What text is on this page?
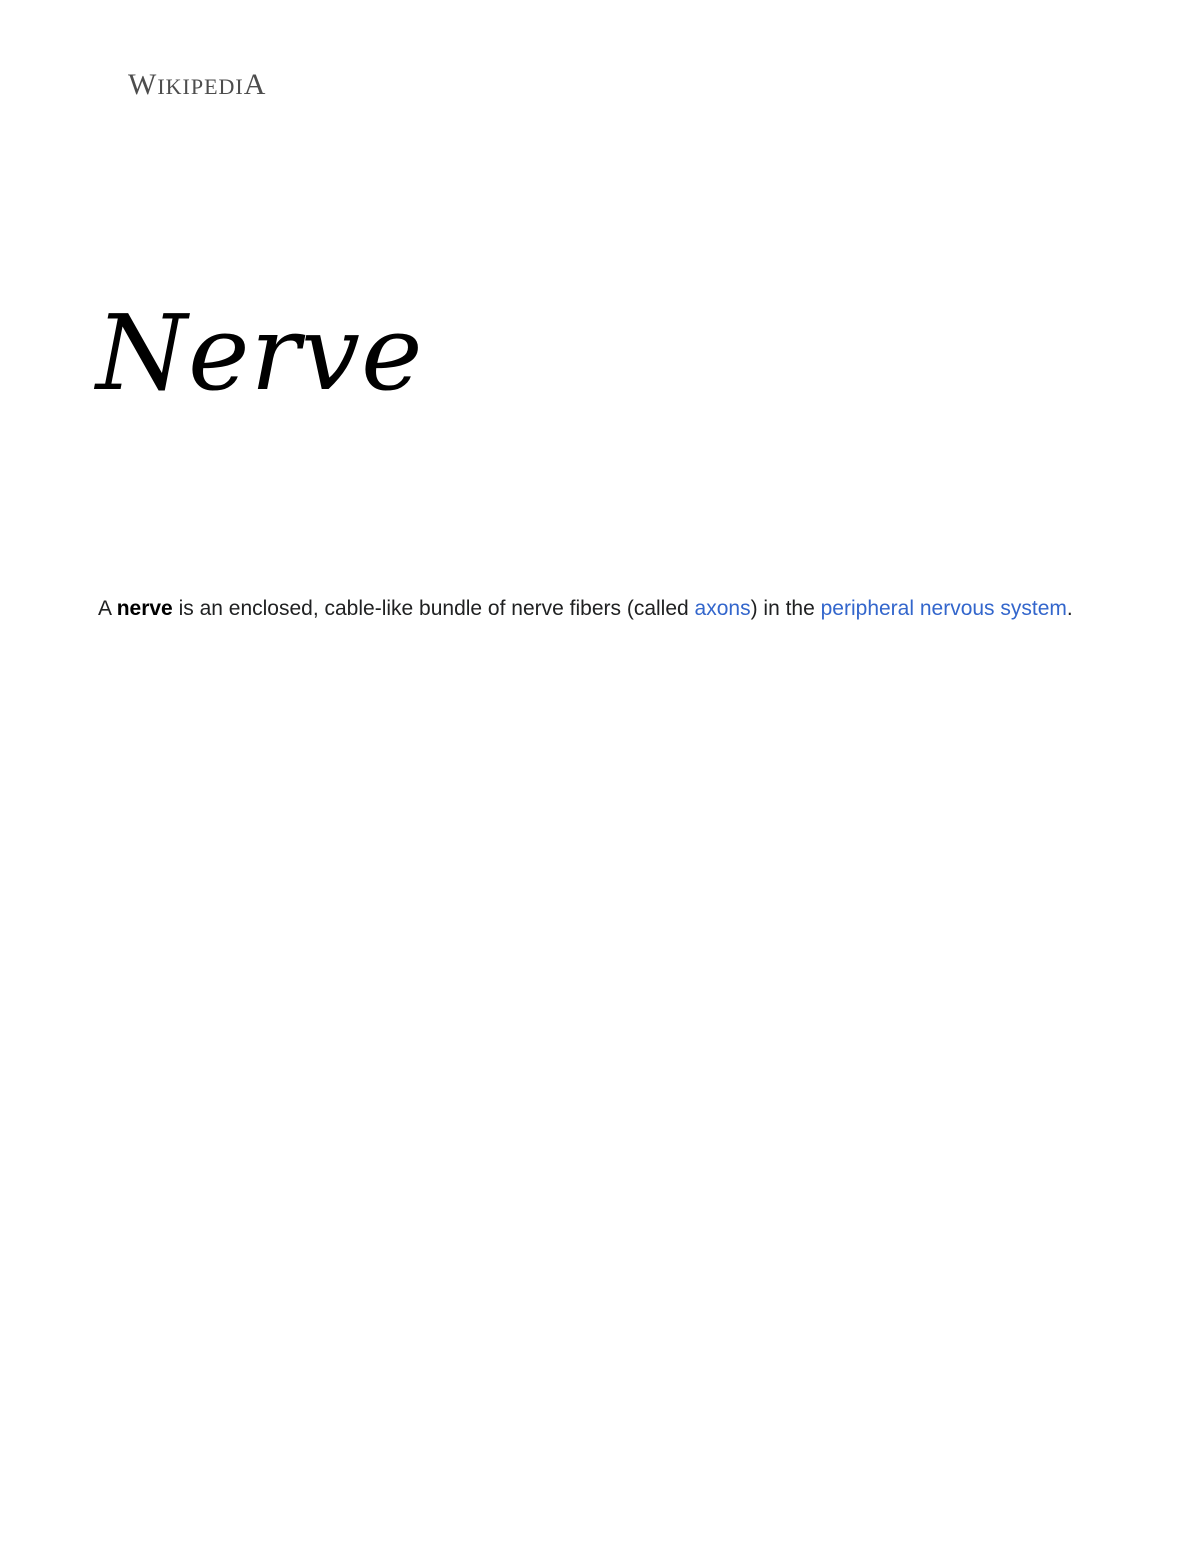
WIKIPEDIA
Nerve

A nerve is an enclosed, cable-like bundle of nerve fibers (called axons) in the peripheral nervous system.
